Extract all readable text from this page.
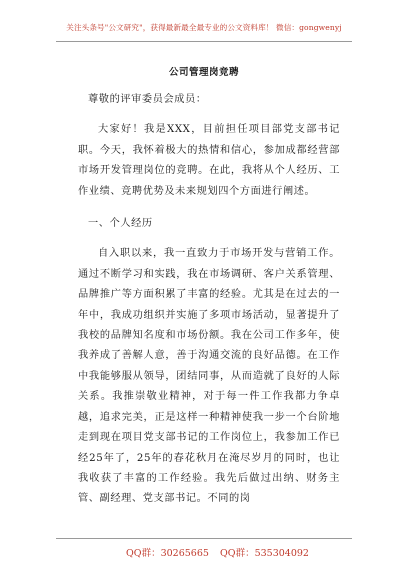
关注头条号"公文研究"，获得最新最全最专业的公文资料库！ 微信：gongwenyj
公司管理岗竞聘

尊敬的评审委员会成员：

大家好！我是XXX，目前担任项目部党支部书记职。今天，我怀着极大的热情和信心，参加成都经营部市场开发管理岗位的竞聘。在此，我将从个人经历、工作业绩、竞聘优势及未来规划四个方面进行阐述。

一、个人经历

自入职以来，我一直致力于市场开发与营销工作。通过不断学习和实践，我在市场调研、客户关系管理、品牌推广等方面积累了丰富的经验。尤其是在过去的一年中，我成功组织并实施了多项市场活动，显著提升了我校的品牌知名度和市场份额。我在公司工作多年，使我养成了善解人意，善于沟通交流的良好品德。在工作中我能够服从领导，团结同事，从而造就了良好的人际关系。我推崇敬业精神，对于每一件工作我都力争卓越，追求完美，正是这样一种精神使我一步一个台阶地走到现在项目党支部书记的工作岗位上，我参加工作已经25年了，25年的春花秋月在淹尽岁月的同时，也让我收获了丰富的工作经验。我先后做过出纳、财务主管、副经理、党支部书记。不同的岗

QQ群：30265665 QQ群：535304092
